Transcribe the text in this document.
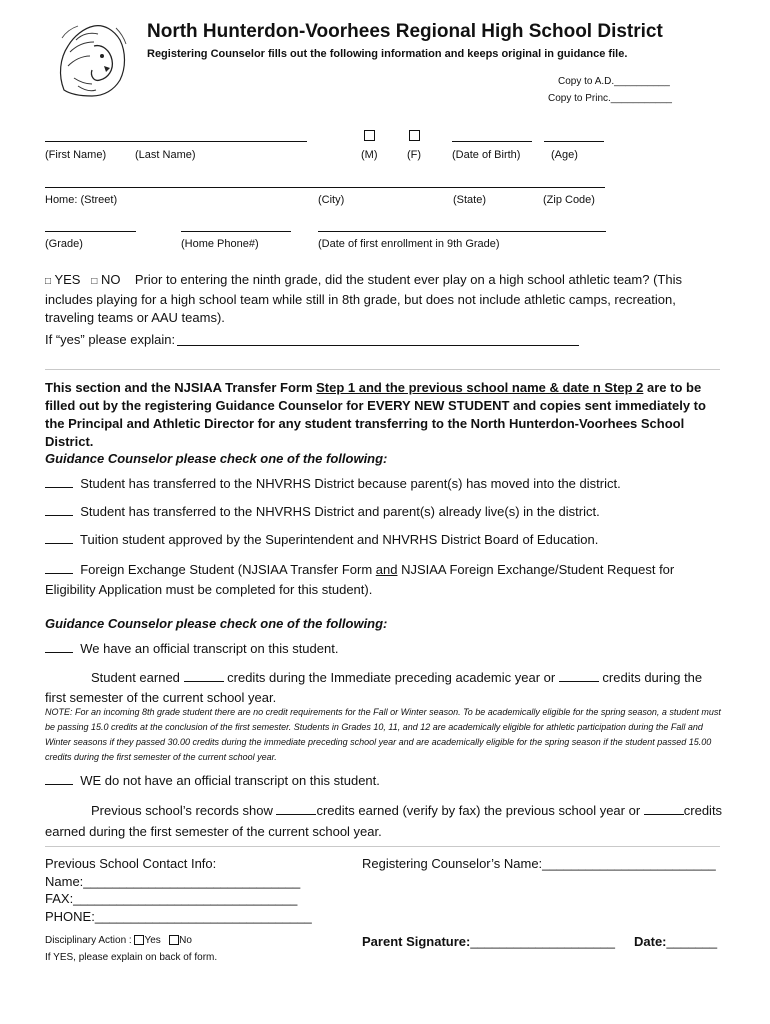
North Hunterdon-Voorhees Regional High School District
Registering Counselor fills out the following information and keeps original in guidance file.
Copy to A.D.__________
Copy to Princ.___________
(First Name)	(Last Name)	(M)	(F)	(Date of Birth)	(Age)
Home: (Street)	(City)	(State)	(Zip Code)
(Grade)	(Home Phone#)	(Date of first enrollment in 9th Grade)
□ YES □ NO Prior to entering the ninth grade, did the student ever play on a high school athletic team? (This includes playing for a high school team while still in 8th grade, but does not include athletic camps, recreation, traveling teams or AAU teams).
If “yes” please explain:
This section and the NJSIAA Transfer Form Step 1 and the previous school name & date n Step 2 are to be filled out by the registering Guidance Counselor for EVERY NEW STUDENT and copies sent immediately to the Principal and Athletic Director for any student transferring to the North Hunterdon-Voorhees School District.
Guidance Counselor please check one of the following:
Student has transferred to the NHVRHS District because parent(s) has moved into the district.
Student has transferred to the NHVRHS District and parent(s) already live(s) in the district.
Tuition student approved by the Superintendent and NHVRHS District Board of Education.
Foreign Exchange Student (NJSIAA Transfer Form and NJSIAA Foreign Exchange/Student Request for Eligibility Application must be completed for this student).
Guidance Counselor please check one of the following:
We have an official transcript on this student.
Student earned	credits during the Immediate preceding academic year or	credits during the first semester of the current school year.
NOTE: For an incoming 8th grade student there are no credit requirements for the Fall or Winter season. To be academically eligible for the spring season, a student must be passing 15.0 credits at the conclusion of the first semester. Students in Grades 10, 11, and 12 are academically eligible for athletic participation during the Fall and Winter seasons if they passed 30.00 credits during the immediate preceding school year and are academically eligible for the spring season if the student passed 15.00 credits during the first semester of the current school year.
WE do not have an official transcript on this student.
Previous school’s records show	credits earned (verify by fax) the previous school year or	credits earned during the first semester of the current school year.
Previous School Contact Info:
Name:______________________________
FAX:_______________________________
PHONE:______________________________
Registering Counselor’s Name:________________________
Disciplinary Action : Yes No
If YES, please explain on back of form.
Parent Signature:____________________ Date:_______
